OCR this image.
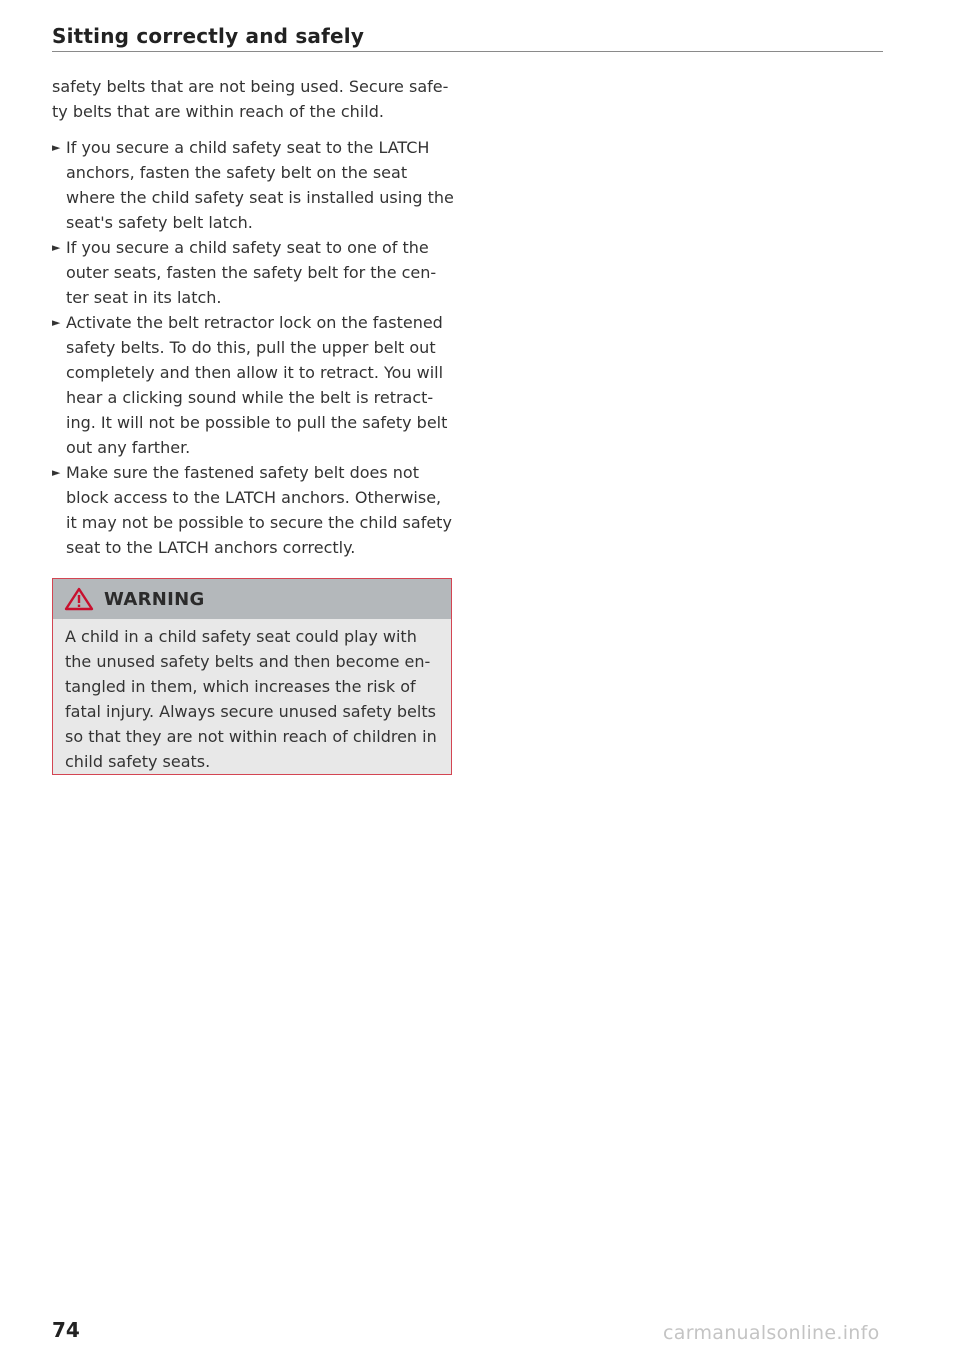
Sitting correctly and safely

safety belts that are not being used. Secure safe- ty belts that are within reach of the child.

► If you secure a child safety seat to the LATCH anchors, fasten the safety belt on the seat where the child safety seat is installed using the seat's safety belt latch.
► If you secure a child safety seat to one of the outer seats, fasten the safety belt for the cen- ter seat in its latch.
► Activate the belt retractor lock on the fastened safety belts. To do this, pull the upper belt out completely and then allow it to retract. You will hear a clicking sound while the belt is retract- ing. It will not be possible to pull the safety belt out any farther.
► Make sure the fastened safety belt does not block access to the LATCH anchors. Otherwise, it may not be possible to secure the child safety seat to the LATCH anchors correctly.
WARNING
A child in a child safety seat could play with the unused safety belts and then become en- tangled in them, which increases the risk of fatal injury. Always secure unused safety belts so that they are not within reach of children in child safety seats.
74	carmanualsonline.info
